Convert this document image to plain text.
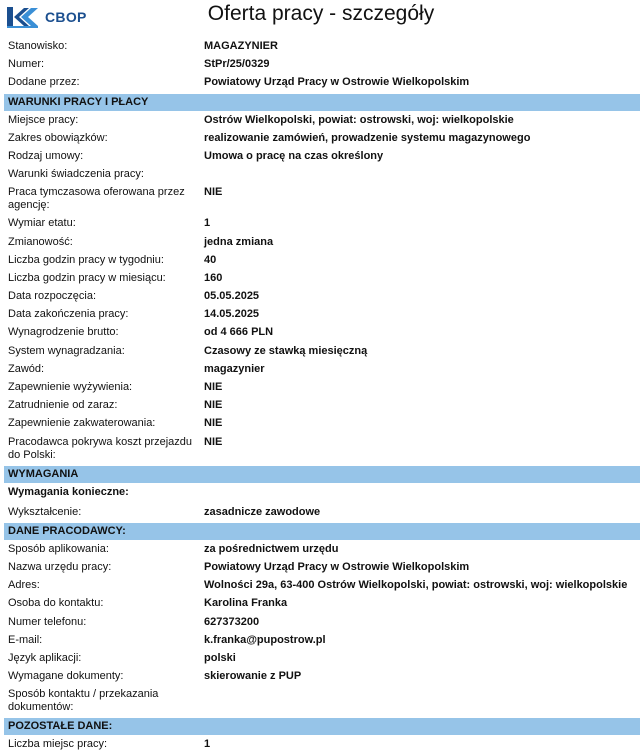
CBOP	Oferta pracy - szczegóły
Stanowisko:	MAGAZYNIER
Numer:	StPr/25/0329
Dodane przez:	Powiatowy Urząd Pracy w Ostrowie Wielkopolskim
WARUNKI PRACY I PŁACY
Miejsce pracy:	Ostrów Wielkopolski, powiat: ostrowski, woj: wielkopolskie
Zakres obowiązków:	realizowanie zamówień, prowadzenie systemu magazynowego
Rodzaj umowy:	Umowa o pracę na czas określony
Warunki świadczenia pracy:
Praca tymczasowa oferowana przez agencję:
NIE
Wymiar etatu:	1
Zmianowość:	jedna zmiana
Liczba godzin pracy w tygodniu:	40
Liczba godzin pracy w miesiącu:	160
Data rozpoczęcia:	05.05.2025
Data zakończenia pracy:	14.05.2025
Wynagrodzenie brutto:	od 4 666 PLN
System wynagradzania:	Czasowy ze stawką miesięczną
Zawód:	magazynier
Zapewnienie wyżywienia:	NIE
Zatrudnienie od zaraz:	NIE
Zapewnienie zakwaterowania:	NIE
Pracodawca pokrywa koszt przejazdu do Polski:
NIE
WYMAGANIA
Wymagania konieczne:
Wykształcenie:	zasadnicze zawodowe
DANE PRACODAWCY:
Sposób aplikowania:	za pośrednictwem urzędu
Nazwa urzędu pracy:	Powiatowy Urząd Pracy w Ostrowie Wielkopolskim
Adres:	Wolności 29a, 63-400 Ostrów Wielkopolski, powiat: ostrowski, woj: wielkopolskie
Osoba do kontaktu:	Karolina Franka
Numer telefonu:	627373200
E-mail:	k.franka@pupostrow.pl
Język aplikacji:	polski
Wymagane dokumenty:	skierowanie z PUP
Sposób kontaktu / przekazania dokumentów:
POZOSTAŁE DANE:
Liczba miejsc pracy:	1
